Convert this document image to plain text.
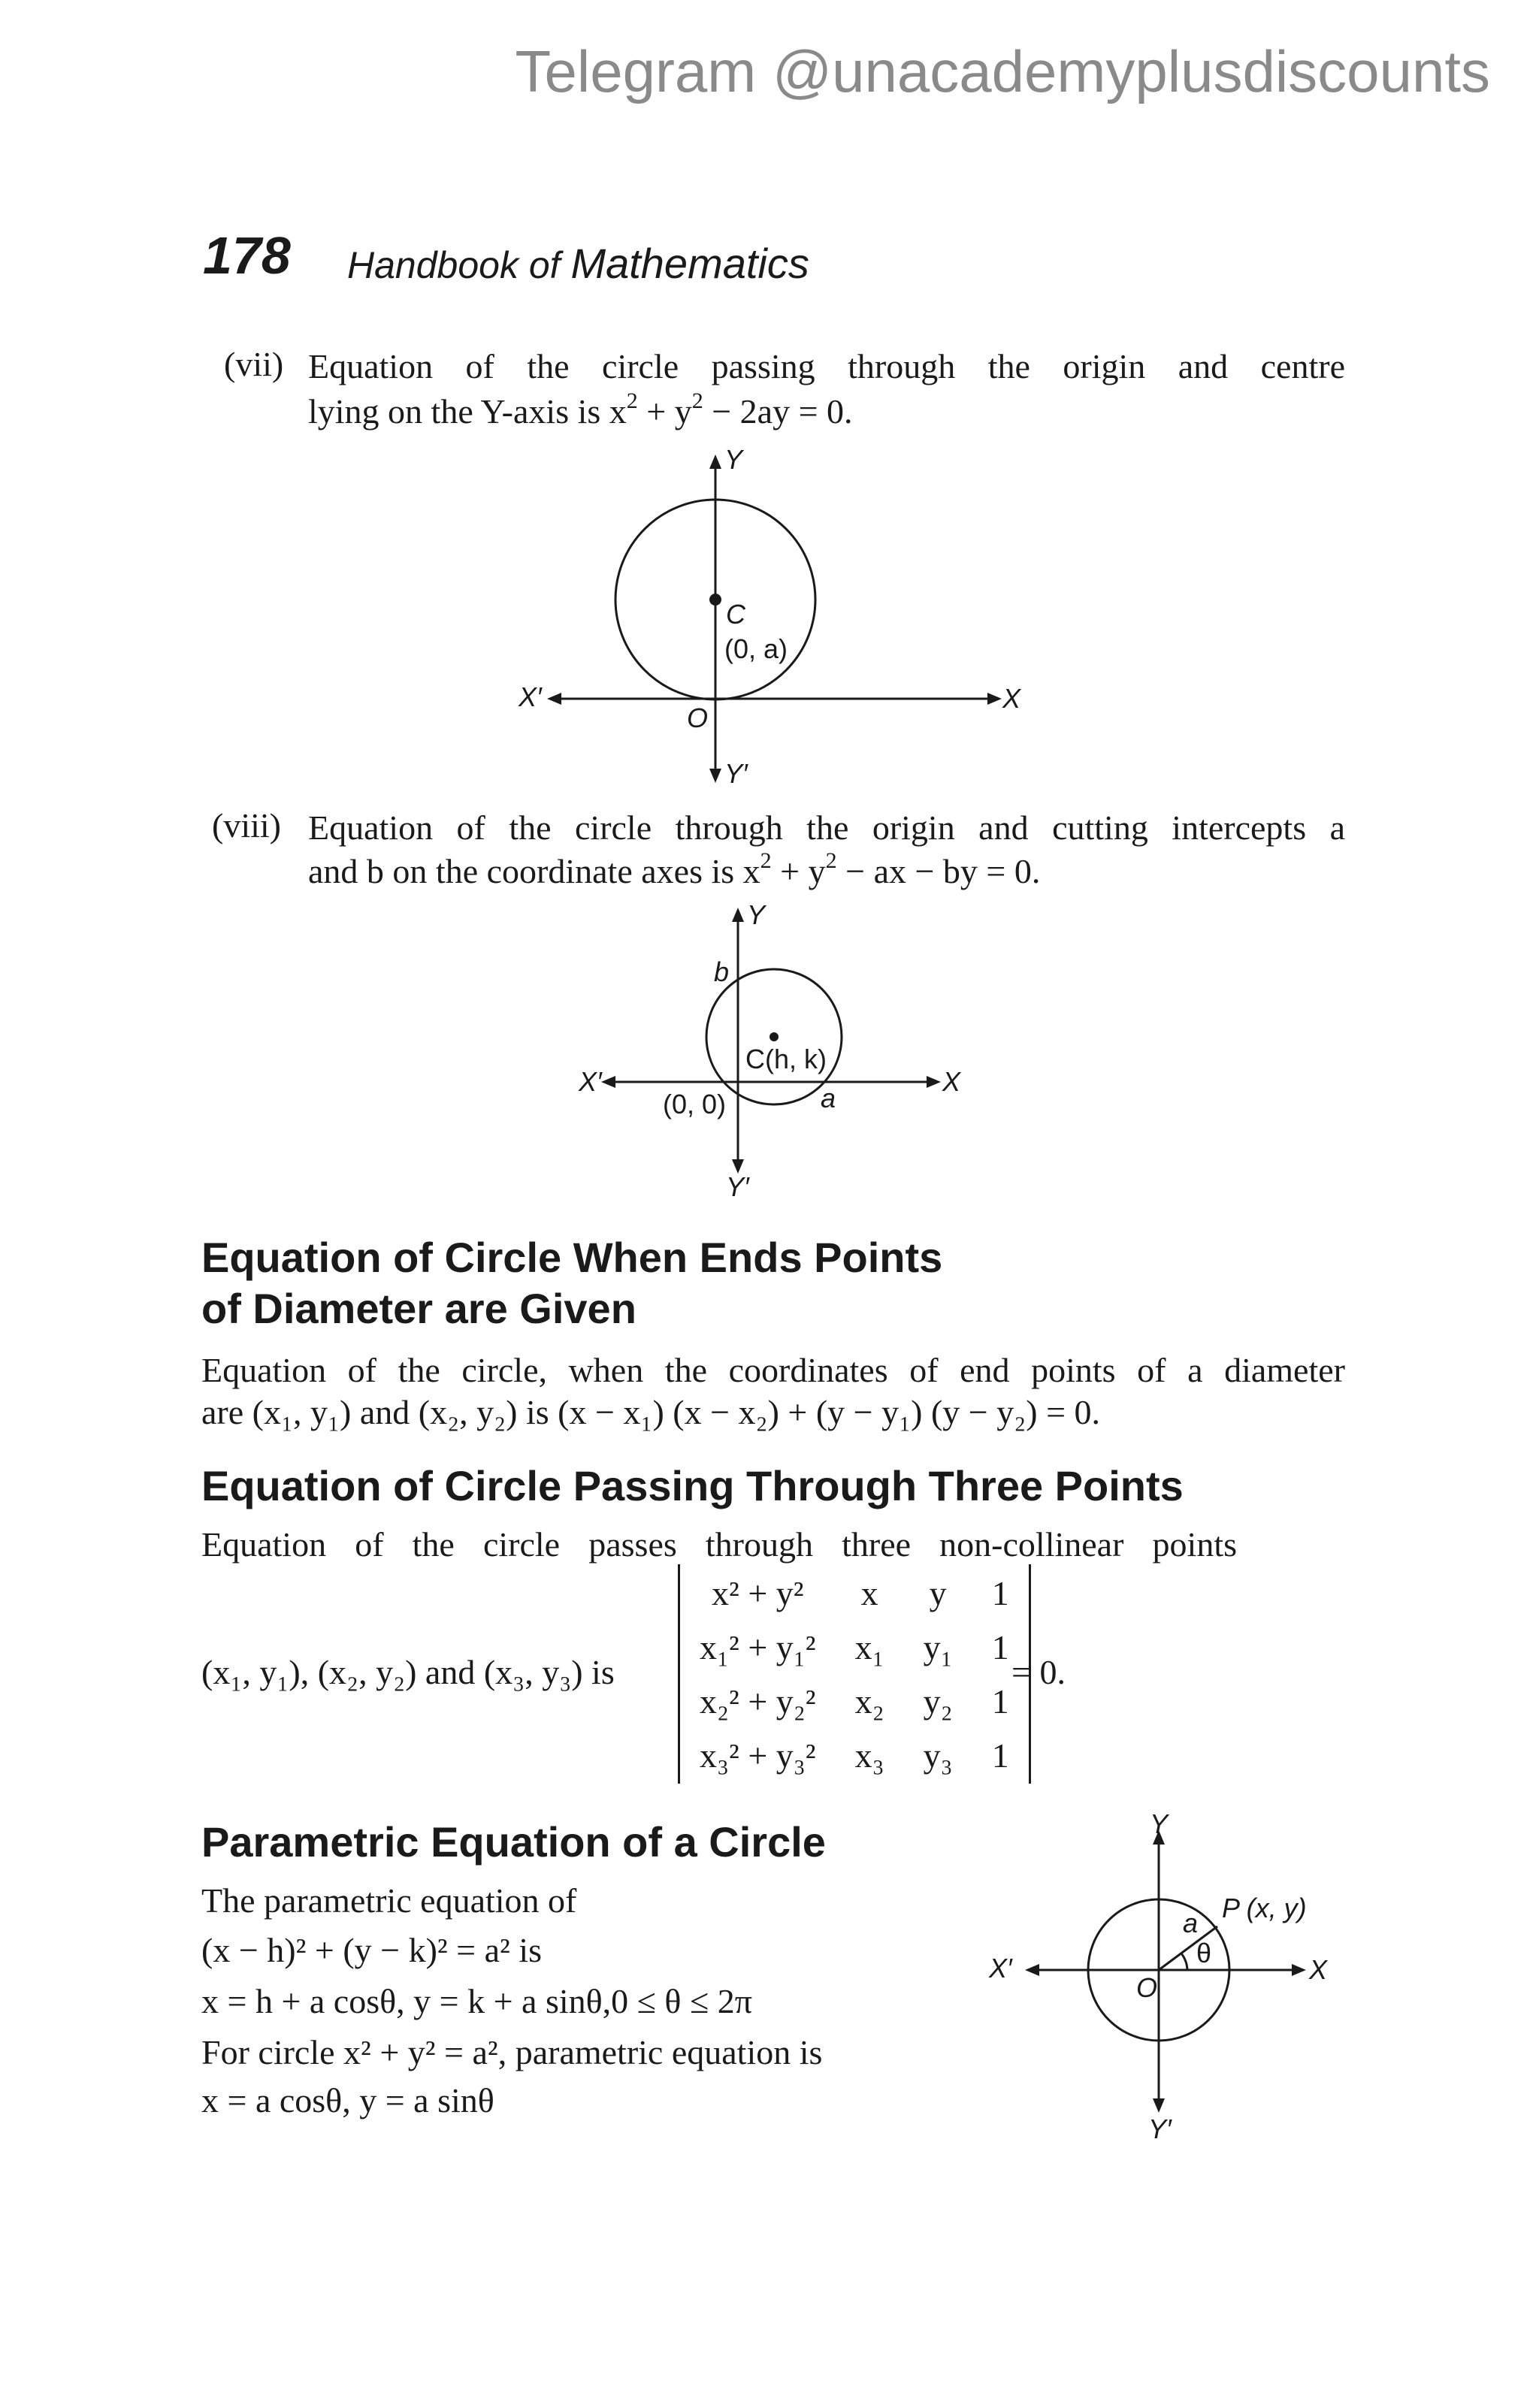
Telegram @unacademyplusdiscounts
178 Handbook of Mathematics
(vii) Equation of the circle passing through the origin and centre
lying on the Y-axis is $x^2 + y^2 - 2ay = 0$.
Y
Y′
X
X′
O
C
(0, a)
(viii) Equation of the circle through the origin and cutting intercepts a
and b on the coordinate axes is $x^2 + y^2$ − ax − by = 0.
Y
Y′
X
X′
(0, 0)
C(h, k)
a
b
Equation of Circle When Ends Points
of Diameter are Given
Equation of the circle, when the coordinates of end points of a diameter
are (x₁, y₁) and (x₂, y₂) is (x − x₁) (x − x₂) + (y − y₁) (y − y₂) = 0.
Equation of Circle Passing Through Three Points
Equation of the circle passes through three non-collinear points
(x₁, y₁), (x₂, y₂) and (x₃, y₃) is
x² + y²	x	y	1
x₁² + y₁²	x₁	y₁	1
x₂² + y₂²	x₂	y₂	1
x₃² + y₃²	x₃	y₃	1
= 0.
Parametric Equation of a Circle
The parametric equation of
(x − h)² + (y − k)² = a² is
x = h + a cosθ, y = k + a sinθ,0 ≤ θ ≤ 2π
For circle x² + y² = a², parametric equation is
x = a cosθ, y = a sinθ
Y
Y′
X
X′
O
P (x, y)
a
θ
